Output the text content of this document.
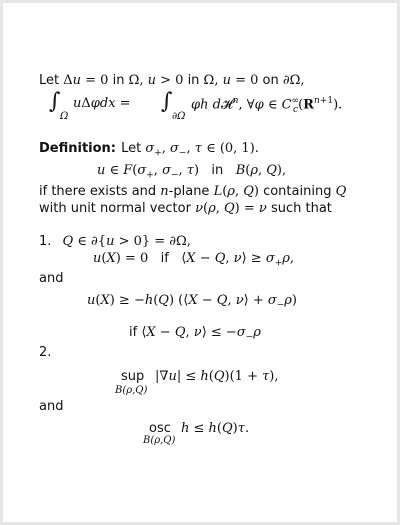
Let Δu = 0 in Ω, u > 0 in Ω, u = 0 on ∂Ω,
∫
Ω
uΔφdx = ∫
∂Ω
φh d𝓗$^n$, ∀φ ∈ $C^\infty_c(R^{n+1})$.
Definition: Let $\sigma_+$, $\sigma_-$, τ ∈ (0, 1).
u ∈ $F(\sigma_+$, $\sigma_-$, τ)   in B(ρ, Q),
if there exists and n-plane L(ρ, Q) containing Q
with unit normal vector ν(ρ, Q) = ν such that
1. Q ∈ ∂{u > 0} = ∂Ω,
u(X) = 0   if   ⟨X − Q, ν⟩ ≥ $\sigma_+\rho$,
and
u(X) ≥ −h(Q) (⟨X − Q, ν⟩ + $\sigma_-\rho$)
if ⟨X − Q, ν⟩ ≤ $-\sigma_-\rho$
2.
sup
B(ρ,Q)
|∇u| ≤ h(Q)(1 + τ),
and
osc
B(ρ,Q)
h ≤ h(Q)τ.
